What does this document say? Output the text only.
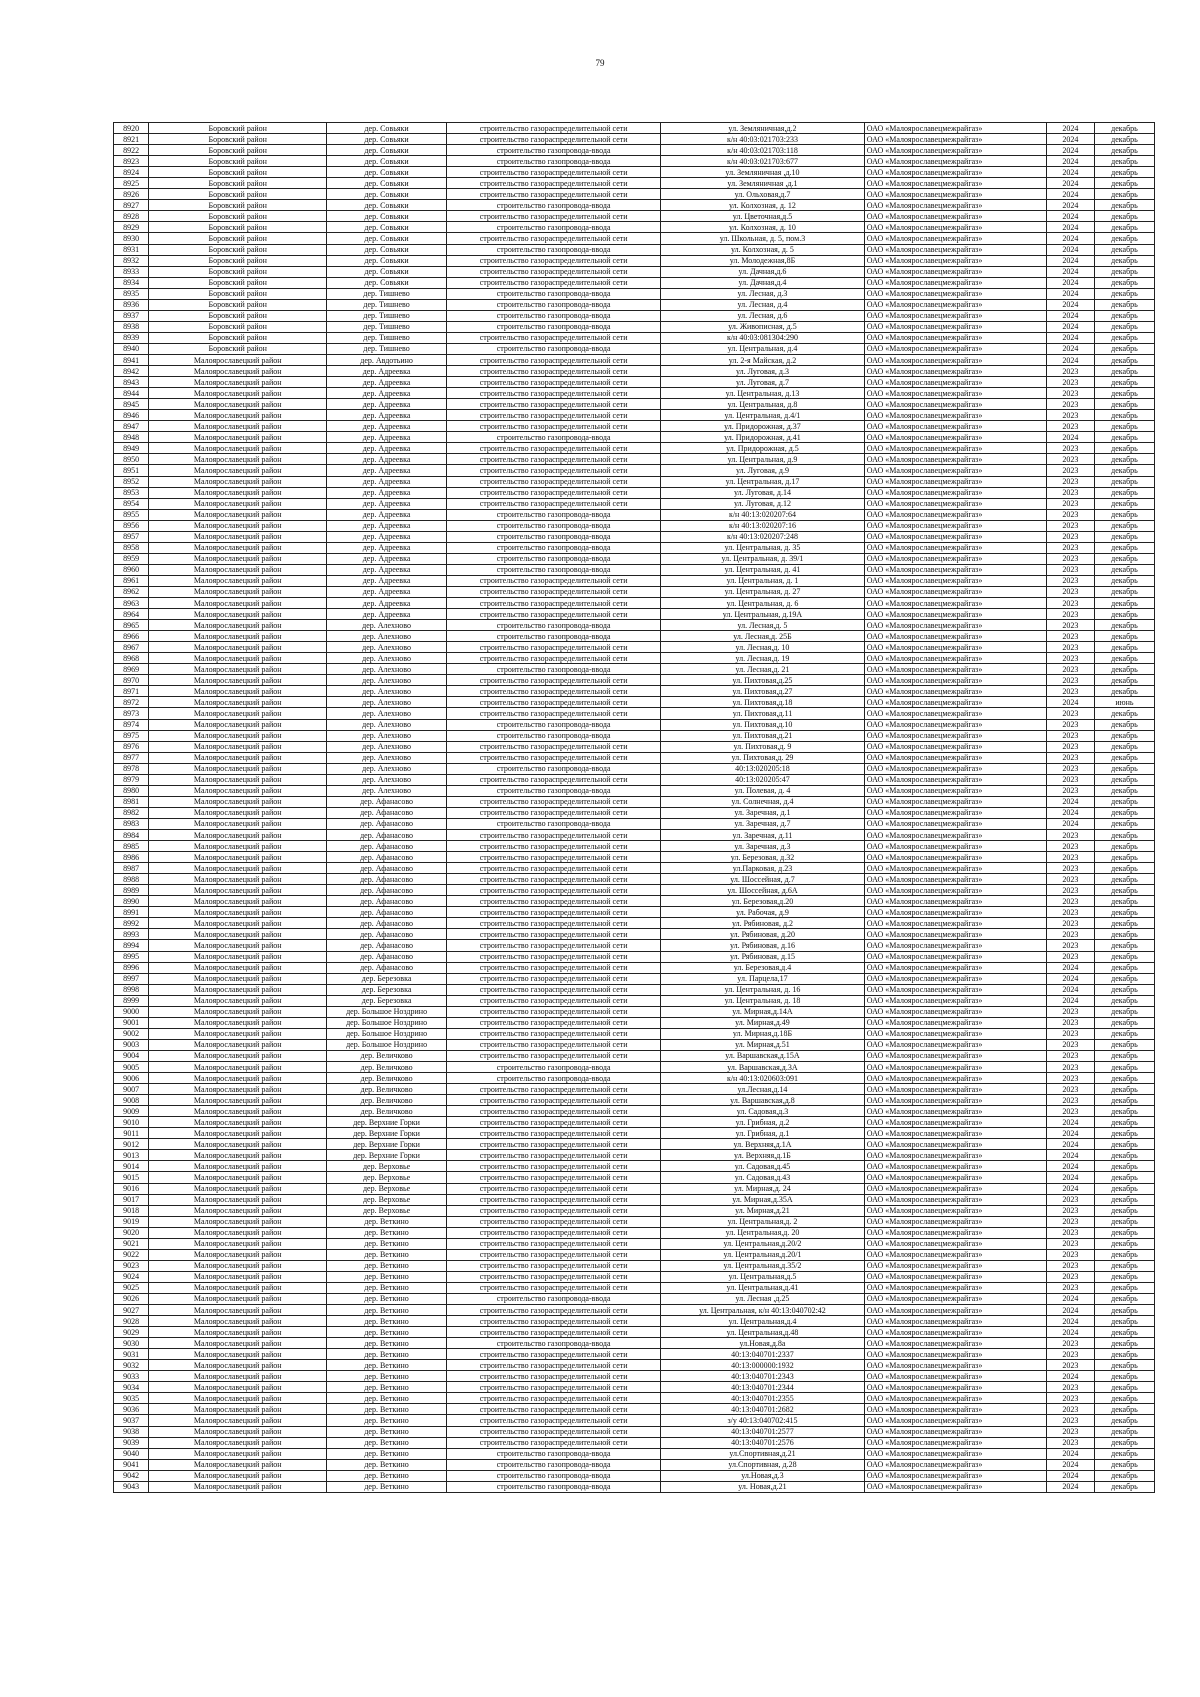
79
8920	Боровский район	дер. Совьяки	строительство газораспределительной сети	ул. Земляничная,д.2	ОАО «Малоярославецмежрайгаз»	2024	декабрь
8921	Боровский район	дер. Совьяки	строительство газораспределительной сети	к/н 40:03:021703:233	ОАО «Малоярославецмежрайгаз»	2024	декабрь
8922	Боровский район	дер. Совьяки	строительство газопровода-ввода	к/н 40:03:021703:118	ОАО «Малоярославецмежрайгаз»	2024	декабрь
8923	Боровский район	дер. Совьяки	строительство газопровода-ввода	к/н 40:03:021703:677	ОАО «Малоярославецмежрайгаз»	2024	декабрь
8924	Боровский район	дер. Совьяки	строительство газораспределительной сети	ул. Земляничная ,д.10	ОАО «Малоярославецмежрайгаз»	2024	декабрь
8925	Боровский район	дер. Совьяки	строительство газораспределительной сети	ул. Земляничная ,д.1	ОАО «Малоярославецмежрайгаз»	2024	декабрь
8926	Боровский район	дер. Совьяки	строительство газораспределительной сети	ул. Ольховая,д.7	ОАО «Малоярославецмежрайгаз»	2024	декабрь
8927	Боровский район	дер. Совьяки	строительство газопровода-ввода	ул. Колхозная, д. 12	ОАО «Малоярославецмежрайгаз»	2024	декабрь
8928	Боровский район	дер. Совьяки	строительство газораспределительной сети	ул. Цветочная,д.5	ОАО «Малоярославецмежрайгаз»	2024	декабрь
8929	Боровский район	дер. Совьяки	строительство газопровода-ввода	ул. Колхозная, д. 10	ОАО «Малоярославецмежрайгаз»	2024	декабрь
8930	Боровский район	дер. Совьяки	строительство газораспределительной сети	ул. Школьная, д. 5, пом.3	ОАО «Малоярославецмежрайгаз»	2024	декабрь
8931	Боровский район	дер. Совьяки	строительство газопровода-ввода	ул. Колхозная, д. 5	ОАО «Малоярославецмежрайгаз»	2024	декабрь
8932	Боровский район	дер. Совьяки	строительство газораспределительной сети	ул. Молодежная,8Б	ОАО «Малоярославецмежрайгаз»	2024	декабрь
8933	Боровский район	дер. Совьяки	строительство газораспределительной сети	ул. Дачная,д.6	ОАО «Малоярославецмежрайгаз»	2024	декабрь
8934	Боровский район	дер. Совьяки	строительство газораспределительной сети	ул. Дачная,д.4	ОАО «Малоярославецмежрайгаз»	2024	декабрь
8935	Боровский район	дер. Тишнево	строительство газопровода-ввода	ул. Лесная, д.3	ОАО «Малоярославецмежрайгаз»	2024	декабрь
8936	Боровский район	дер. Тишнево	строительство газопровода-ввода	ул. Лесная, д.4	ОАО «Малоярославецмежрайгаз»	2024	декабрь
8937	Боровский район	дер. Тишнево	строительство газопровода-ввода	ул. Лесная, д.6	ОАО «Малоярославецмежрайгаз»	2024	декабрь
8938	Боровский район	дер. Тишнево	строительство газопровода-ввода	ул. Живописная, д.5	ОАО «Малоярославецмежрайгаз»	2024	декабрь
8939	Боровский район	дер. Тишнево	строительство газораспределительной сети	к/н 40:03:081304:290	ОАО «Малоярославецмежрайгаз»	2024	декабрь
8940	Боровский район	дер. Тишнево	строительство газопровода-ввода	ул. Центральная, д.4	ОАО «Малоярославецмежрайгаз»	2024	декабрь
8941	Малоярославецкий район	дер. Авдотьино	строительство газораспределительной сети	ул. 2-я Майская, д.2	ОАО «Малоярославецмежрайгаз»	2024	декабрь
8942	Малоярославецкий район	дер. Адреевка	строительство газораспределительной сети	ул. Луговая, д.3	ОАО «Малоярославецмежрайгаз»	2023	декабрь
8943	Малоярославецкий район	дер. Адреевка	строительство газораспределительной сети	ул. Луговая, д.7	ОАО «Малоярославецмежрайгаз»	2023	декабрь
8944	Малоярославецкий район	дер. Адреевка	строительство газораспределительной сети	ул. Центральная, д.13	ОАО «Малоярославецмежрайгаз»	2023	декабрь
8945	Малоярославецкий район	дер. Адреевка	строительство газораспределительной сети	ул. Центральная, д.8	ОАО «Малоярославецмежрайгаз»	2023	декабрь
8946	Малоярославецкий район	дер. Адреевка	строительство газораспределительной сети	ул. Центральная, д.4/1	ОАО «Малоярославецмежрайгаз»	2023	декабрь
8947	Малоярославецкий район	дер. Адреевка	строительство газораспределительной сети	ул. Придорожная, д.37	ОАО «Малоярославецмежрайгаз»	2023	декабрь
8948	Малоярославецкий район	дер. Адреевка	строительство газопровода-ввода	ул. Придорожная, д.41	ОАО «Малоярославецмежрайгаз»	2024	декабрь
8949	Малоярославецкий район	дер. Адреевка	строительство газораспределительной сети	ул. Придорожная, д.5	ОАО «Малоярославецмежрайгаз»	2023	декабрь
8950	Малоярославецкий район	дер. Адреевка	строительство газораспределительной сети	ул. Центральная, д.9	ОАО «Малоярославецмежрайгаз»	2023	декабрь
8951	Малоярославецкий район	дер. Адреевка	строительство газораспределительной сети	ул. Луговая, д.9	ОАО «Малоярославецмежрайгаз»	2023	декабрь
8952	Малоярославецкий район	дер. Адреевка	строительство газораспределительной сети	ул. Центральная, д.17	ОАО «Малоярославецмежрайгаз»	2023	декабрь
8953	Малоярославецкий район	дер. Адреевка	строительство газораспределительной сети	ул. Луговая, д.14	ОАО «Малоярославецмежрайгаз»	2023	декабрь
8954	Малоярославецкий район	дер. Адреевка	строительство газораспределительной сети	ул. Луговая, д.12	ОАО «Малоярославецмежрайгаз»	2023	декабрь
8955	Малоярославецкий район	дер. Адреевка	строительство газопровода-ввода	к/н 40:13:020207:64	ОАО «Малоярославецмежрайгаз»	2023	декабрь
8956	Малоярославецкий район	дер. Адреевка	строительство газопровода-ввода	к/н 40:13:020207:16	ОАО «Малоярославецмежрайгаз»	2023	декабрь
8957	Малоярославецкий район	дер. Адреевка	строительство газопровода-ввода	к/н 40:13:020207:248	ОАО «Малоярославецмежрайгаз»	2023	декабрь
8958	Малоярославецкий район	дер. Адреевка	строительство газопровода-ввода	ул. Центральная, д. 35	ОАО «Малоярославецмежрайгаз»	2023	декабрь
8959	Малоярославецкий район	дер. Адреевка	строительство газопровода-ввода	ул. Центральная, д. 39/1	ОАО «Малоярославецмежрайгаз»	2023	декабрь
8960	Малоярославецкий район	дер. Адреевка	строительство газопровода-ввода	ул. Центральная, д. 41	ОАО «Малоярославецмежрайгаз»	2023	декабрь
8961	Малоярославецкий район	дер. Адреевка	строительство газораспределительной сети	ул. Центральная, д. 1	ОАО «Малоярославецмежрайгаз»	2023	декабрь
8962	Малоярославецкий район	дер. Адреевка	строительство газораспределительной сети	ул. Центральная, д. 27	ОАО «Малоярославецмежрайгаз»	2023	декабрь
8963	Малоярославецкий район	дер. Адреевка	строительство газораспределительной сети	ул. Центральная, д. 6	ОАО «Малоярославецмежрайгаз»	2023	декабрь
8964	Малоярославецкий район	дер. Адреевка	строительство газораспределительной сети	ул. Центральная, д.19А	ОАО «Малоярославецмежрайгаз»	2023	декабрь
8965	Малоярославецкий район	дер. Алехново	строительство газопровода-ввода	ул. Лесная,д. 5	ОАО «Малоярославецмежрайгаз»	2023	декабрь
8966	Малоярославецкий район	дер. Алехново	строительство газопровода-ввода	ул. Лесная,д. 25Б	ОАО «Малоярославецмежрайгаз»	2023	декабрь
8967	Малоярославецкий район	дер. Алехново	строительство газораспределительной сети	ул. Лесная,д. 10	ОАО «Малоярославецмежрайгаз»	2023	декабрь
8968	Малоярославецкий район	дер. Алехново	строительство газораспределительной сети	ул. Лесная,д. 19	ОАО «Малоярославецмежрайгаз»	2023	декабрь
8969	Малоярославецкий район	дер. Алехново	строительство газопровода-ввода	ул. Лесная,д. 21	ОАО «Малоярославецмежрайгаз»	2023	декабрь
8970	Малоярославецкий район	дер. Алехново	строительство газораспределительной сети	ул. Пихтовая,д.25	ОАО «Малоярославецмежрайгаз»	2023	декабрь
8971	Малоярославецкий район	дер. Алехново	строительство газораспределительной сети	ул. Пихтовая,д.27	ОАО «Малоярославецмежрайгаз»	2023	декабрь
8972	Малоярославецкий район	дер. Алехново	строительство газораспределительной сети	ул. Пихтовая,д.18	ОАО «Малоярославецмежрайгаз»	2024	июнь
8973	Малоярославецкий район	дер. Алехново	строительство газораспределительной сети	ул. Пихтовая,д.11	ОАО «Малоярославецмежрайгаз»	2023	декабрь
8974	Малоярославецкий район	дер. Алехново	строительство газопровода-ввода	ул. Пихтовая,д.10	ОАО «Малоярославецмежрайгаз»	2023	декабрь
8975	Малоярославецкий район	дер. Алехново	строительство газопровода-ввода	ул. Пихтовая,д.21	ОАО «Малоярославецмежрайгаз»	2023	декабрь
8976	Малоярославецкий район	дер. Алехново	строительство газораспределительной сети	ул. Пихтовая,д. 9	ОАО «Малоярославецмежрайгаз»	2023	декабрь
8977	Малоярославецкий район	дер. Алехново	строительство газораспределительной сети	ул. Пихтовая,д. 29	ОАО «Малоярославецмежрайгаз»	2023	декабрь
8978	Малоярославецкий район	дер. Алехново	строительство газопровода-ввода	40:13:020205:18	ОАО «Малоярославецмежрайгаз»	2023	декабрь
8979	Малоярославецкий район	дер. Алехново	строительство газораспределительной сети	40:13:020205:47	ОАО «Малоярославецмежрайгаз»	2023	декабрь
8980	Малоярославецкий район	дер. Алехново	строительство газопровода-ввода	ул. Полевая, д. 4	ОАО «Малоярославецмежрайгаз»	2023	декабрь
8981	Малоярославецкий район	дер. Афанасово	строительство газораспределительной сети	ул. Солнечная, д.4	ОАО «Малоярославецмежрайгаз»	2024	декабрь
8982	Малоярославецкий район	дер. Афанасово	строительство газораспределительной сети	ул. Заречная, д.1	ОАО «Малоярославецмежрайгаз»	2024	декабрь
8983	Малоярославецкий район	дер. Афанасово	строительство газопровода-ввода	ул. Заречная, д.7	ОАО «Малоярославецмежрайгаз»	2024	декабрь
8984	Малоярославецкий район	дер. Афанасово	строительство газораспределительной сети	ул. Заречная, д.11	ОАО «Малоярославецмежрайгаз»	2023	декабрь
8985	Малоярославецкий район	дер. Афанасово	строительство газораспределительной сети	ул. Заречная, д.3	ОАО «Малоярославецмежрайгаз»	2023	декабрь
8986	Малоярославецкий район	дер. Афанасово	строительство газораспределительной сети	ул. Березовая, д.32	ОАО «Малоярославецмежрайгаз»	2023	декабрь
8987	Малоярославецкий район	дер. Афанасово	строительство газораспределительной сети	ул.Парковая, д.23	ОАО «Малоярославецмежрайгаз»	2023	декабрь
8988	Малоярославецкий район	дер. Афанасово	строительство газораспределительной сети	ул. Шоссейная, д.7	ОАО «Малоярославецмежрайгаз»	2023	декабрь
8989	Малоярославецкий район	дер. Афанасово	строительство газораспределительной сети	ул. Шоссейная, д.6А	ОАО «Малоярославецмежрайгаз»	2023	декабрь
8990	Малоярославецкий район	дер. Афанасово	строительство газораспределительной сети	ул. Березовая,д.20	ОАО «Малоярославецмежрайгаз»	2023	декабрь
8991	Малоярославецкий район	дер. Афанасово	строительство газораспределительной сети	ул. Рабочая, д.9	ОАО «Малоярославецмежрайгаз»	2023	декабрь
8992	Малоярославецкий район	дер. Афанасово	строительство газораспределительной сети	ул. Рябиновая, д.2	ОАО «Малоярославецмежрайгаз»	2023	декабрь
8993	Малоярославецкий район	дер. Афанасово	строительство газораспределительной сети	ул. Рябиновая, д.20	ОАО «Малоярославецмежрайгаз»	2023	декабрь
8994	Малоярославецкий район	дер. Афанасово	строительство газораспределительной сети	ул. Рябиновая, д.16	ОАО «Малоярославецмежрайгаз»	2023	декабрь
8995	Малоярославецкий район	дер. Афанасово	строительство газораспределительной сети	ул. Рябиновая, д.15	ОАО «Малоярославецмежрайгаз»	2023	декабрь
8996	Малоярославецкий район	дер. Афанасово	строительство газораспределительной сети	ул. Березовая,д.4	ОАО «Малоярославецмежрайгаз»	2024	декабрь
8997	Малоярославецкий район	дер. Березовка	строительство газораспределительной сети	ул. Парцела,17	ОАО «Малоярославецмежрайгаз»	2024	декабрь
8998	Малоярославецкий район	дер. Березовка	строительство газораспределительной сети	ул. Центральная, д. 16	ОАО «Малоярославецмежрайгаз»	2024	декабрь
8999	Малоярославецкий район	дер. Березовка	строительство газораспределительной сети	ул. Центральная, д. 18	ОАО «Малоярославецмежрайгаз»	2024	декабрь
9000	Малоярославецкий район	дер. Большое Ноздрино	строительство газораспределительной сети	ул. Мирная,д.14А	ОАО «Малоярославецмежрайгаз»	2023	декабрь
9001	Малоярославецкий район	дер. Большое Ноздрино	строительство газораспределительной сети	ул. Мирная,д.49	ОАО «Малоярославецмежрайгаз»	2023	декабрь
9002	Малоярославецкий район	дер. Большое Ноздрино	строительство газораспределительной сети	ул. Мирная,д.18Б	ОАО «Малоярославецмежрайгаз»	2023	декабрь
9003	Малоярославецкий район	дер. Большое Ноздрино	строительство газораспределительной сети	ул. Мирная,д.51	ОАО «Малоярославецмежрайгаз»	2023	декабрь
9004	Малоярославецкий район	дер. Величково	строительство газораспределительной сети	ул. Варшавская,д.15А	ОАО «Малоярославецмежрайгаз»	2023	декабрь
9005	Малоярославецкий район	дер. Величково	строительство газопровода-ввода	ул. Варшавская,д.3А	ОАО «Малоярославецмежрайгаз»	2023	декабрь
9006	Малоярославецкий район	дер. Величково	строительство газопровода-ввода	к/н 40:13:020603:091	ОАО «Малоярославецмежрайгаз»	2023	декабрь
9007	Малоярославецкий район	дер. Величково	строительство газораспределительной сети	ул.Лесная,д.14	ОАО «Малоярославецмежрайгаз»	2023	декабрь
9008	Малоярославецкий район	дер. Величково	строительство газораспределительной сети	ул. Варшавская,д.8	ОАО «Малоярославецмежрайгаз»	2023	декабрь
9009	Малоярославецкий район	дер. Величково	строительство газораспределительной сети	ул. Садовая,д.3	ОАО «Малоярославецмежрайгаз»	2023	декабрь
9010	Малоярославецкий район	дер. Верхние Горки	строительство газораспределительной сети	ул. Грибная, д.2	ОАО «Малоярославецмежрайгаз»	2024	декабрь
9011	Малоярославецкий район	дер. Верхние Горки	строительство газораспределительной сети	ул. Грибная, д.1	ОАО «Малоярославецмежрайгаз»	2024	декабрь
9012	Малоярославецкий район	дер. Верхние Горки	строительство газораспределительной сети	ул. Верхняя,д.1А	ОАО «Малоярославецмежрайгаз»	2024	декабрь
9013	Малоярославецкий район	дер. Верхние Горки	строительство газораспределительной сети	ул. Верхняя,д.1Б	ОАО «Малоярославецмежрайгаз»	2024	декабрь
9014	Малоярославецкий район	дер. Верховье	строительство газораспределительной сети	ул. Садовая,д.45	ОАО «Малоярославецмежрайгаз»	2024	декабрь
9015	Малоярославецкий район	дер. Верховье	строительство газораспределительной сети	ул. Садовая,д.43	ОАО «Малоярославецмежрайгаз»	2024	декабрь
9016	Малоярославецкий район	дер. Верховье	строительство газораспределительной сети	ул. Мирная,д. 24	ОАО «Малоярославецмежрайгаз»	2024	декабрь
9017	Малоярославецкий район	дер. Верховье	строительство газораспределительной сети	ул. Мирная,д.35А	ОАО «Малоярославецмежрайгаз»	2023	декабрь
9018	Малоярославецкий район	дер. Верховье	строительство газораспределительной сети	ул. Мирная,д.21	ОАО «Малоярославецмежрайгаз»	2023	декабрь
9019	Малоярославецкий район	дер. Веткино	строительство газораспределительной сети	ул. Центральная,д. 2	ОАО «Малоярославецмежрайгаз»	2023	декабрь
9020	Малоярославецкий район	дер. Веткино	строительство газораспределительной сети	ул. Центральная,д. 20	ОАО «Малоярославецмежрайгаз»	2023	декабрь
9021	Малоярославецкий район	дер. Веткино	строительство газораспределительной сети	ул. Центральная,д.20/2	ОАО «Малоярославецмежрайгаз»	2023	декабрь
9022	Малоярославецкий район	дер. Веткино	строительство газораспределительной сети	ул. Центральная,д.20/1	ОАО «Малоярославецмежрайгаз»	2023	декабрь
9023	Малоярославецкий район	дер. Веткино	строительство газораспределительной сети	ул. Центральная,д.35/2	ОАО «Малоярославецмежрайгаз»	2023	декабрь
9024	Малоярославецкий район	дер. Веткино	строительство газораспределительной сети	ул. Центральная,д.5	ОАО «Малоярославецмежрайгаз»	2023	декабрь
9025	Малоярославецкий район	дер. Веткино	строительство газораспределительной сети	ул. Центральная,д.41	ОАО «Малоярославецмежрайгаз»	2023	декабрь
9026	Малоярославецкий район	дер. Веткино	строительство газопровода-ввода	ул. Лесная ,д.25	ОАО «Малоярославецмежрайгаз»	2024	декабрь
9027	Малоярославецкий район	дер. Веткино	строительство газораспределительной сети	ул. Центральная, к/н 40:13:040702:42	ОАО «Малоярославецмежрайгаз»	2024	декабрь
9028	Малоярославецкий район	дер. Веткино	строительство газораспределительной сети	ул. Центральная,д.4	ОАО «Малоярославецмежрайгаз»	2024	декабрь
9029	Малоярославецкий район	дер. Веткино	строительство газораспределительной сети	ул. Центральная,д.48	ОАО «Малоярославецмежрайгаз»	2024	декабрь
9030	Малоярославецкий район	дер. Веткино	строительство газопровода-ввода	ул.Новая,д.8а	ОАО «Малоярославецмежрайгаз»	2023	декабрь
9031	Малоярославецкий район	дер. Веткино	строительство газораспределительной сети	40:13:040701:2337	ОАО «Малоярославецмежрайгаз»	2023	декабрь
9032	Малоярославецкий район	дер. Веткино	строительство газораспределительной сети	40:13:000000:1932	ОАО «Малоярославецмежрайгаз»	2023	декабрь
9033	Малоярославецкий район	дер. Веткино	строительство газораспределительной сети	40:13:040701:2343	ОАО «Малоярославецмежрайгаз»	2024	декабрь
9034	Малоярославецкий район	дер. Веткино	строительство газораспределительной сети	40:13:040701:2344	ОАО «Малоярославецмежрайгаз»	2023	декабрь
9035	Малоярославецкий район	дер. Веткино	строительство газораспределительной сети	40:13:040701:2355	ОАО «Малоярославецмежрайгаз»	2023	декабрь
9036	Малоярославецкий район	дер. Веткино	строительство газораспределительной сети	40:13:040701:2682	ОАО «Малоярославецмежрайгаз»	2023	декабрь
9037	Малоярославецкий район	дер. Веткино	строительство газораспределительной сети	з/у 40:13:040702:415	ОАО «Малоярославецмежрайгаз»	2023	декабрь
9038	Малоярославецкий район	дер. Веткино	строительство газораспределительной сети	40:13:040701:2577	ОАО «Малоярославецмежрайгаз»	2023	декабрь
9039	Малоярославецкий район	дер. Веткино	строительство газораспределительной сети	40:13:040701:2576	ОАО «Малоярославецмежрайгаз»	2023	декабрь
9040	Малоярославецкий район	дер. Веткино	строительство газопровода-ввода	ул.Спортивная,д.21	ОАО «Малоярославецмежрайгаз»	2024	декабрь
9041	Малоярославецкий район	дер. Веткино	строительство газопровода-ввода	ул.Спортивная, д.28	ОАО «Малоярославецмежрайгаз»	2024	декабрь
9042	Малоярославецкий район	дер. Веткино	строительство газопровода-ввода	ул.Новая,д.3	ОАО «Малоярославецмежрайгаз»	2024	декабрь
9043	Малоярославецкий район	дер. Веткино	строительство газопровода-ввода	ул. Новая,д.21	ОАО «Малоярославецмежрайгаз»	2024	декабрь
